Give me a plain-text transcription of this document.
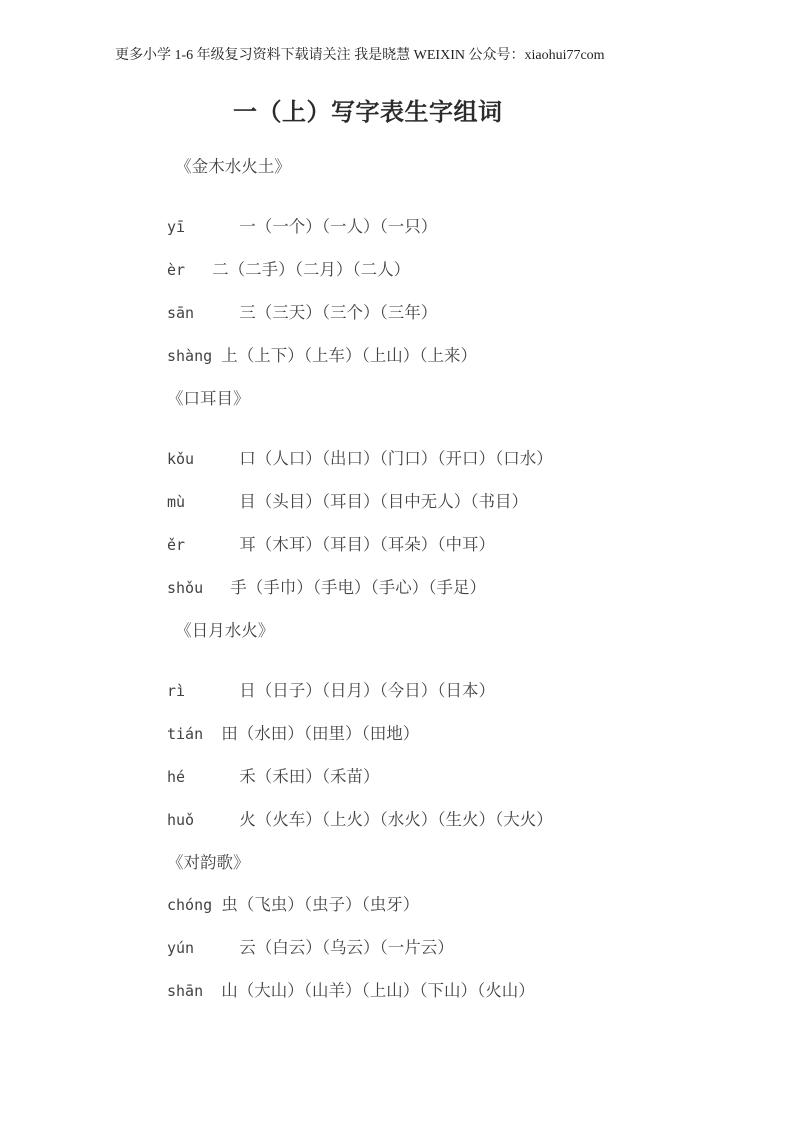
更多小学 1-6 年级复习资料下载请关注 我是晓慧 WEIXIN 公众号：xiaohui77com
一（上）写字表生字组词
　《金木水火土》
yī      一（一个）（一人）（一只）
èr   二（二手）（二月）（二人）
sān     三（三天）（三个）（三年）
shàng 上（上下）（上车）（上山）（上来）
《口耳目》
kǒu     口（人口）（出口）（门口）（开口）（口水）
mù      目（头目）（耳目）（目中无人）（书目）
ěr      耳（木耳）（耳目）（耳朵）（中耳）
shǒu   手（手巾）（手电）（手心）（手足）
　《日月水火》
rì      日（日子）（日月）（今日）（日本）
tián  田（水田）（田里）（田地）
hé      禾（禾田）（禾苗）
huǒ     火（火车）（上火）（水火）（生火）（大火）
《对韵歌》
chóng 虫（飞虫）（虫子）（虫牙）
yún     云（白云）（乌云）（一片云）
shān  山（大山）（山羊）（上山）（下山）（火山）
